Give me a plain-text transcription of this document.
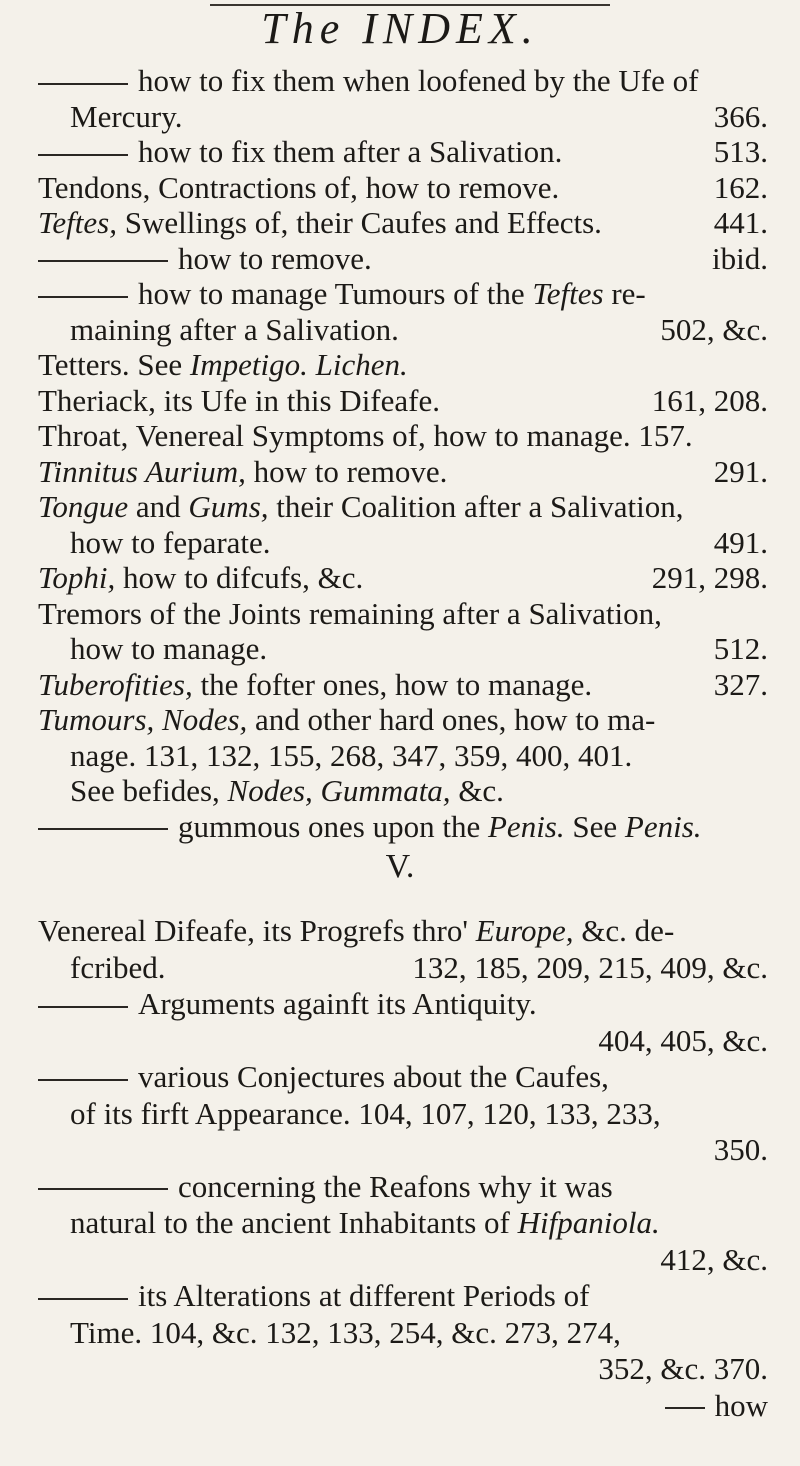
The INDEX.
how to fix them when loofened by the Ufe of
Mercury.	366.
how to fix them after a Salivation.	513.
Tendons, Contractions of, how to remove.	162.
Teftes, Swellings of, their Caufes and Effects.	441.
how to remove.	ibid.
how to manage Tumours of the Teftes re-
maining after a Salivation.	502, &c.
Tetters. See Impetigo. Lichen.
Theriack, its Ufe in this Difeafe.	161, 208.
Throat, Venereal Symptoms of, how to manage. 157.
Tinnitus Aurium, how to remove.	291.
Tongue and Gums, their Coalition after a Salivation,
how to feparate.	491.
Tophi, how to difcufs, &c.	291, 298.
Tremors of the Joints remaining after a Salivation,
how to manage.	512.
Tuberofities, the fofter ones, how to manage.	327.
Tumours, Nodes, and other hard ones, how to ma-
nage. 131, 132, 155, 268, 347, 359, 400, 401.
See befides, Nodes, Gummata, &c.
gummous ones upon the Penis. See Penis.
V.
Venereal Difeafe, its Progrefs thro' Europe, &c. de-
fcribed.	132, 185, 209, 215, 409, &c.
Arguments againft its Antiquity.
404, 405, &c.
various Conjectures about the Caufes,
of its firft Appearance. 104, 107, 120, 133, 233,
350.
concerning the Reafons why it was
natural to the ancient Inhabitants of Hifpaniola.
412, &c.
its Alterations at different Periods of
Time. 104, &c. 132, 133, 254, &c. 273, 274,
352, &c. 370.
how
